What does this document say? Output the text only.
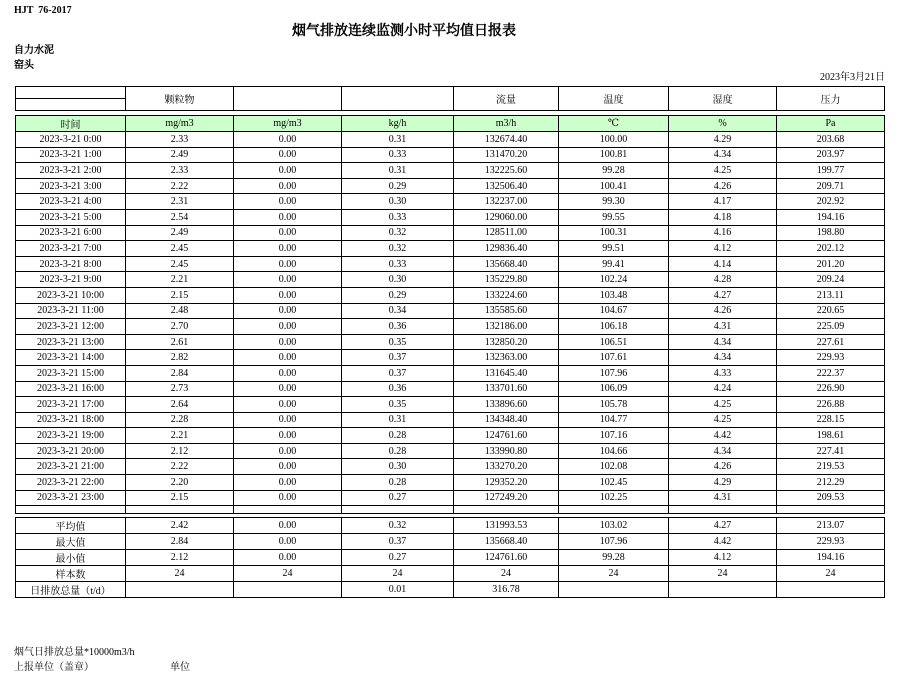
HJT  76-2017
烟气排放连续监测小时平均值日报表
自力水泥
窑头
2023年3月21日
	颗粒物			流量	温度	湿度	压力

时间	mg/m3	mg/m3	kg/h	m3/h	℃	%	Pa
2023-3-21 0:00	2.33	0.00	0.31	132674.40	100.00	4.29	203.68
2023-3-21 1:00	2.49	0.00	0.33	131470.20	100.81	4.34	203.97
2023-3-21 2:00	2.33	0.00	0.31	132225.60	99.28	4.25	199.77
2023-3-21 3:00	2.22	0.00	0.29	132506.40	100.41	4.26	209.71
2023-3-21 4:00	2.31	0.00	0.30	132237.00	99.30	4.17	202.92
2023-3-21 5:00	2.54	0.00	0.33	129060.00	99.55	4.18	194.16
2023-3-21 6:00	2.49	0.00	0.32	128511.00	100.31	4.16	198.80
2023-3-21 7:00	2.45	0.00	0.32	129836.40	99.51	4.12	202.12
2023-3-21 8:00	2.45	0.00	0.33	135668.40	99.41	4.14	201.20
2023-3-21 9:00	2.21	0.00	0.30	135229.80	102.24	4.28	209.24
2023-3-21 10:00	2.15	0.00	0.29	133224.60	103.48	4.27	213.11
2023-3-21 11:00	2.48	0.00	0.34	135585.60	104.67	4.26	220.65
2023-3-21 12:00	2.70	0.00	0.36	132186.00	106.18	4.31	225.09
2023-3-21 13:00	2.61	0.00	0.35	132850.20	106.51	4.34	227.61
2023-3-21 14:00	2.82	0.00	0.37	132363.00	107.61	4.34	229.93
2023-3-21 15:00	2.84	0.00	0.37	131645.40	107.96	4.33	222.37
2023-3-21 16:00	2.73	0.00	0.36	133701.60	106.09	4.24	226.90
2023-3-21 17:00	2.64	0.00	0.35	133896.60	105.78	4.25	226.88
2023-3-21 18:00	2.28	0.00	0.31	134348.40	104.77	4.25	228.15
2023-3-21 19:00	2.21	0.00	0.28	124761.60	107.16	4.42	198.61
2023-3-21 20:00	2.12	0.00	0.28	133990.80	104.66	4.34	227.41
2023-3-21 21:00	2.22	0.00	0.30	133270.20	102.08	4.26	219.53
2023-3-21 22:00	2.20	0.00	0.28	129352.20	102.45	4.29	212.29
2023-3-21 23:00	2.15	0.00	0.27	127249.20	102.25	4.31	209.53

平均值	2.42	0.00	0.32	131993.53	103.02	4.27	213.07
最大值	2.84	0.00	0.37	135668.40	107.96	4.42	229.93
最小值	2.12	0.00	0.27	124761.60	99.28	4.12	194.16
样本数	24	24	24	24	24	24	24
日排放总量（t/d）			0.01	316.78			
烟气日排放总量*10000m3/h
上报单位（盖章）	单位
